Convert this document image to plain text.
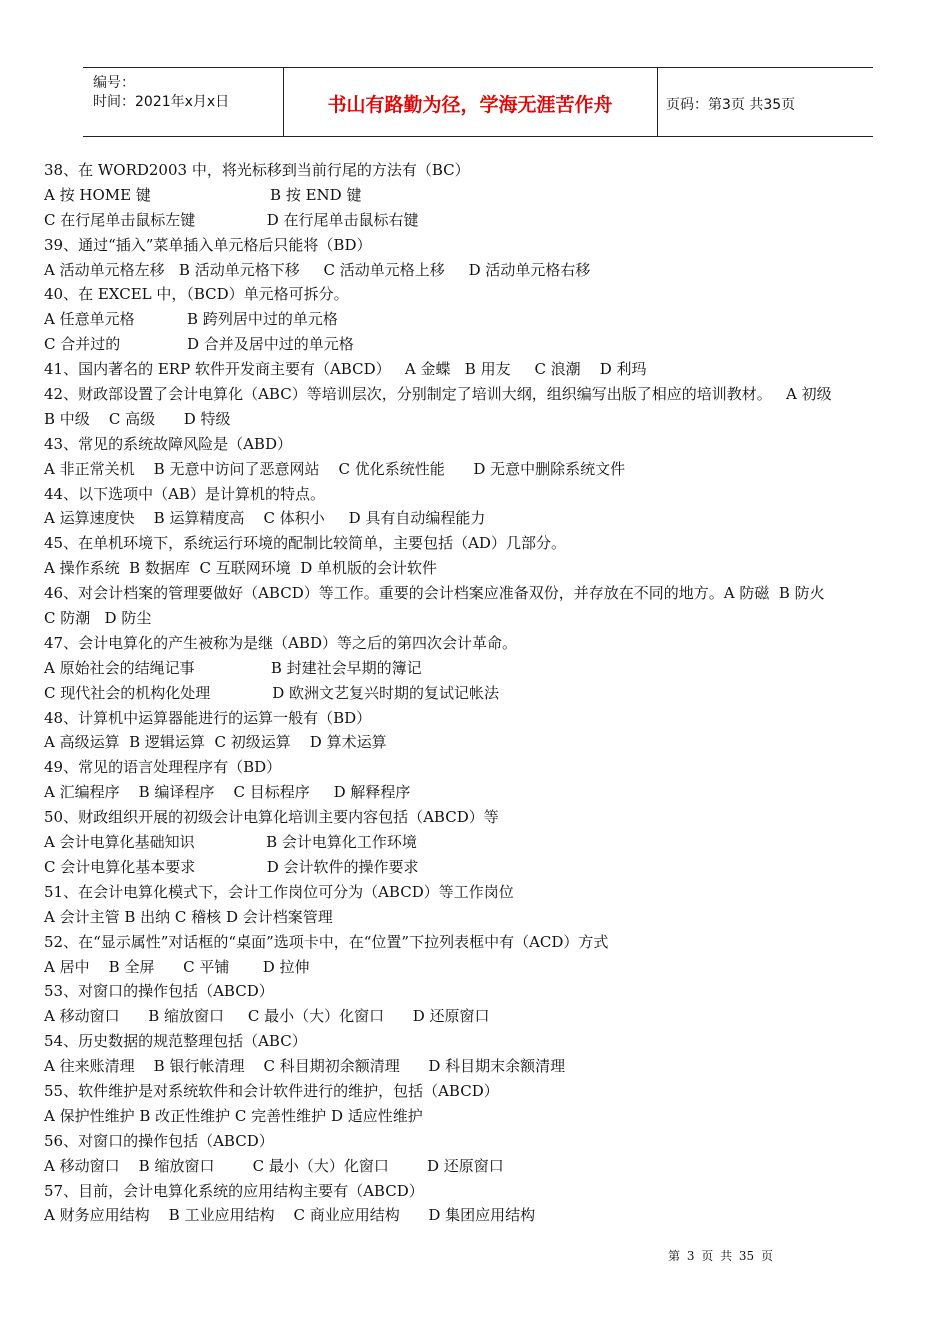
编号：
时间：2021年x月x日	书山有路勤为径，学海无涯苦作舟	页码：第3页 共35页
38、在 WORD2003 中，将光标移到当前行尾的方法有（BC）
A 按 HOME 键                         B 按 END 键
C 在行尾单击鼠标左键               D 在行尾单击鼠标右键
39、通过“插入”菜单插入单元格后只能将（BD）
A 活动单元格左移   B 活动单元格下移     C 活动单元格上移     D 活动单元格右移
40、在 EXCEL 中，（BCD）单元格可拆分。
A 任意单元格           B 跨列居中过的单元格
C 合并过的              D 合并及居中过的单元格
41、国内著名的 ERP 软件开发商主要有（ABCD）   A 金蝶   B 用友     C 浪潮    D 利玛
42、财政部设置了会计电算化（ABC）等培训层次，分别制定了培训大纲，组织编写出版了相应的培训教材。   A 初级
B 中级    C 高级      D 特级
43、常见的系统故障风险是（ABD）
A 非正常关机    B 无意中访问了恶意网站    C 优化系统性能      D 无意中删除系统文件
44、以下选项中（AB）是计算机的特点。
A 运算速度快    B 运算精度高    C 体积小     D 具有自动编程能力
45、在单机环境下，系统运行环境的配制比较简单，主要包括（AD）几部分。
A 操作系统  B 数据库  C 互联网环境  D 单机版的会计软件
46、对会计档案的管理要做好（ABCD）等工作。重要的会计档案应准备双份，并存放在不同的地方。A 防磁  B 防火
C 防潮   D 防尘
47、会计电算化的产生被称为是继（ABD）等之后的第四次会计革命。
A 原始社会的结绳记事                B 封建社会早期的簿记
C 现代社会的机构化处理             D 欧洲文艺复兴时期的复试记帐法
48、计算机中运算器能进行的运算一般有（BD）
A 高级运算  B 逻辑运算  C 初级运算    D 算术运算
49、常见的语言处理程序有（BD）
A 汇编程序    B 编译程序    C 目标程序     D 解释程序
50、财政组织开展的初级会计电算化培训主要内容包括（ABCD）等
A 会计电算化基础知识               B 会计电算化工作环境
C 会计电算化基本要求               D 会计软件的操作要求
51、在会计电算化模式下，会计工作岗位可分为（ABCD）等工作岗位
A 会计主管 B 出纳 C 稽核 D 会计档案管理
52、在“显示属性”对话框的“桌面”选项卡中，在“位置”下拉列表框中有（ACD）方式
A 居中    B 全屏      C 平铺       D 拉伸
53、对窗口的操作包括（ABCD）
A 移动窗口      B 缩放窗口     C 最小（大）化窗口      D 还原窗口
54、历史数据的规范整理包括（ABC）
A 往来账清理    B 银行帐清理    C 科目期初余额清理      D 科目期末余额清理
55、软件维护是对系统软件和会计软件进行的维护，包括（ABCD）
A 保护性维护 B 改正性维护 C 完善性维护 D 适应性维护
56、对窗口的操作包括（ABCD）
A 移动窗口    B 缩放窗口        C 最小（大）化窗口        D 还原窗口
57、目前，会计电算化系统的应用结构主要有（ABCD）
A 财务应用结构    B 工业应用结构    C 商业应用结构      D 集团应用结构
第 3 页 共 35 页
